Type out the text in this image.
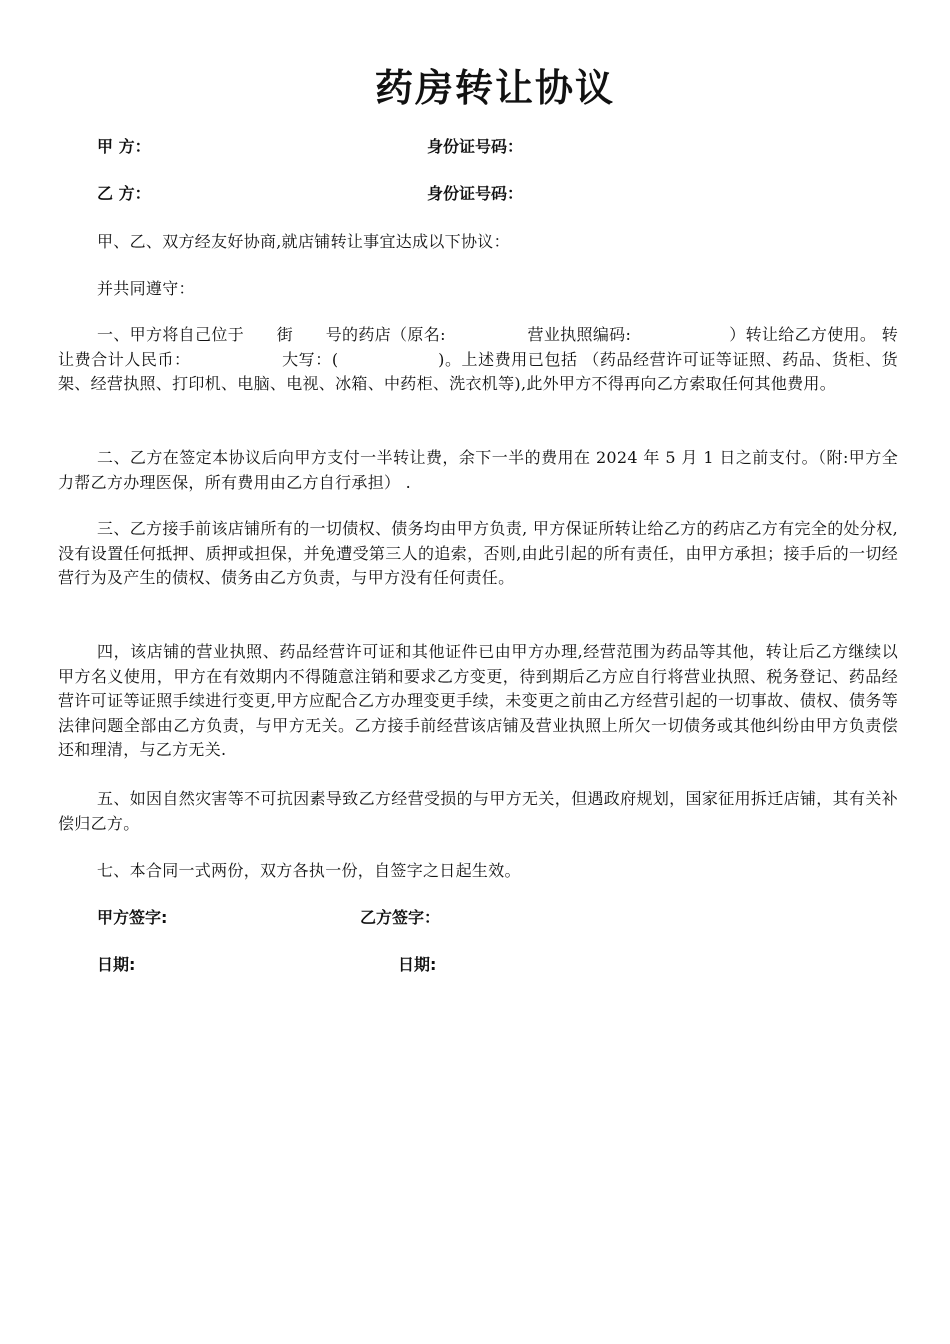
药房转让协议
甲 方：	身份证号码：
乙 方：	身份证号码：

甲、乙、双方经友好协商,就店铺转让事宜达成以下协议：

并共同遵守：

一、甲方将自己位于　　街　　号的药店（原名:　　　　　营业执照编码:　　　　　　）转让给乙方使用。 转让费合计人民币：　　　　　　大写：(　　　　　　)。上述费用已包括 （药品经营许可证等证照、药品、货柜、货架、经营执照、打印机、电脑、电视、冰箱、中药柜、洗衣机等),此外甲方不得再向乙方索取任何其他费用。

二、乙方在签定本协议后向甲方支付一半转让费，余下一半的费用在 2024 年 5 月 1 日之前支付。（附:甲方全力帮乙方办理医保，所有费用由乙方自行承担） .

三、乙方接手前该店铺所有的一切债权、债务均由甲方负责, 甲方保证所转让给乙方的药店乙方有完全的处分权,没有设置任何抵押、质押或担保，并免遭受第三人的追索，否则,由此引起的所有责任，由甲方承担；接手后的一切经营行为及产生的债权、债务由乙方负责，与甲方没有任何责任。

四，该店铺的营业执照、药品经营许可证和其他证件已由甲方办理,经营范围为药品等其他，转让后乙方继续以甲方名义使用，甲方在有效期内不得随意注销和要求乙方变更，待到期后乙方应自行将营业执照、税务登记、药品经营许可证等证照手续进行变更,甲方应配合乙方办理变更手续，未变更之前由乙方经营引起的一切事故、债权、债务等法律问题全部由乙方负责，与甲方无关。乙方接手前经营该店铺及营业执照上所欠一切债务或其他纠纷由甲方负责偿还和理清，与乙方无关.

五、如因自然灾害等不可抗因素导致乙方经营受损的与甲方无关，但遇政府规划，国家征用拆迁店铺，其有关补偿归乙方。

七、本合同一式两份，双方各执一份，自签字之日起生效。

甲方签字:	乙方签字：
日期:	日期:
